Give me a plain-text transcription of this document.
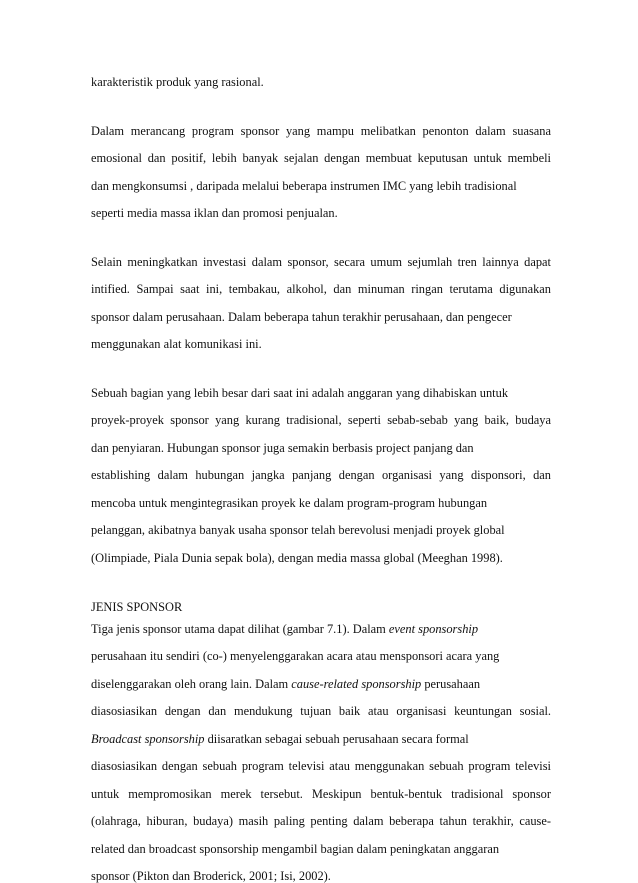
karakteristik produk yang rasional.
Dalam merancang program sponsor yang mampu melibatkan penonton dalam suasana
emosional dan positif, lebih banyak sejalan dengan membuat keputusan untuk membeli
dan mengkonsumsi , daripada melalui beberapa instrumen IMC yang lebih tradisional
seperti media massa iklan dan promosi penjualan.
Selain meningkatkan investasi dalam sponsor, secara umum sejumlah tren lainnya dapat
intified. Sampai saat ini, tembakau, alkohol, dan minuman ringan terutama digunakan
sponsor dalam perusahaan. Dalam beberapa tahun terakhir perusahaan, dan pengecer
menggunakan alat komunikasi ini.
Sebuah bagian yang lebih besar dari saat ini adalah anggaran yang dihabiskan untuk
proyek-proyek sponsor yang kurang tradisional, seperti sebab-sebab yang baik, budaya
dan penyiaran. Hubungan sponsor juga semakin berbasis project panjang dan
establishing dalam hubungan jangka panjang dengan organisasi yang disponsori, dan
mencoba untuk mengintegrasikan proyek ke dalam program-program hubungan
pelanggan, akibatnya banyak usaha sponsor telah berevolusi menjadi proyek global
(Olimpiade, Piala Dunia sepak bola), dengan media massa global (Meeghan 1998).
JENIS SPONSOR
Tiga jenis sponsor utama dapat dilihat (gambar 7.1). Dalam event sponsorship
perusahaan itu sendiri (co-) menyelenggarakan acara atau mensponsori acara yang
diselenggarakan oleh orang lain. Dalam cause-related sponsorship perusahaan
diasosiasikan dengan dan mendukung tujuan baik atau organisasi keuntungan sosial.
Broadcast sponsorship diisaratkan sebagai sebuah perusahaan secara formal
diasosiasikan dengan sebuah program televisi atau menggunakan sebuah program televisi
untuk mempromosikan merek tersebut. Meskipun bentuk-bentuk tradisional sponsor
(olahraga, hiburan, budaya) masih paling penting dalam beberapa tahun terakhir, cause-
related dan broadcast sponsorship mengambil bagian dalam peningkatan anggaran
sponsor (Pikton dan Broderick, 2001; Isi, 2002).
